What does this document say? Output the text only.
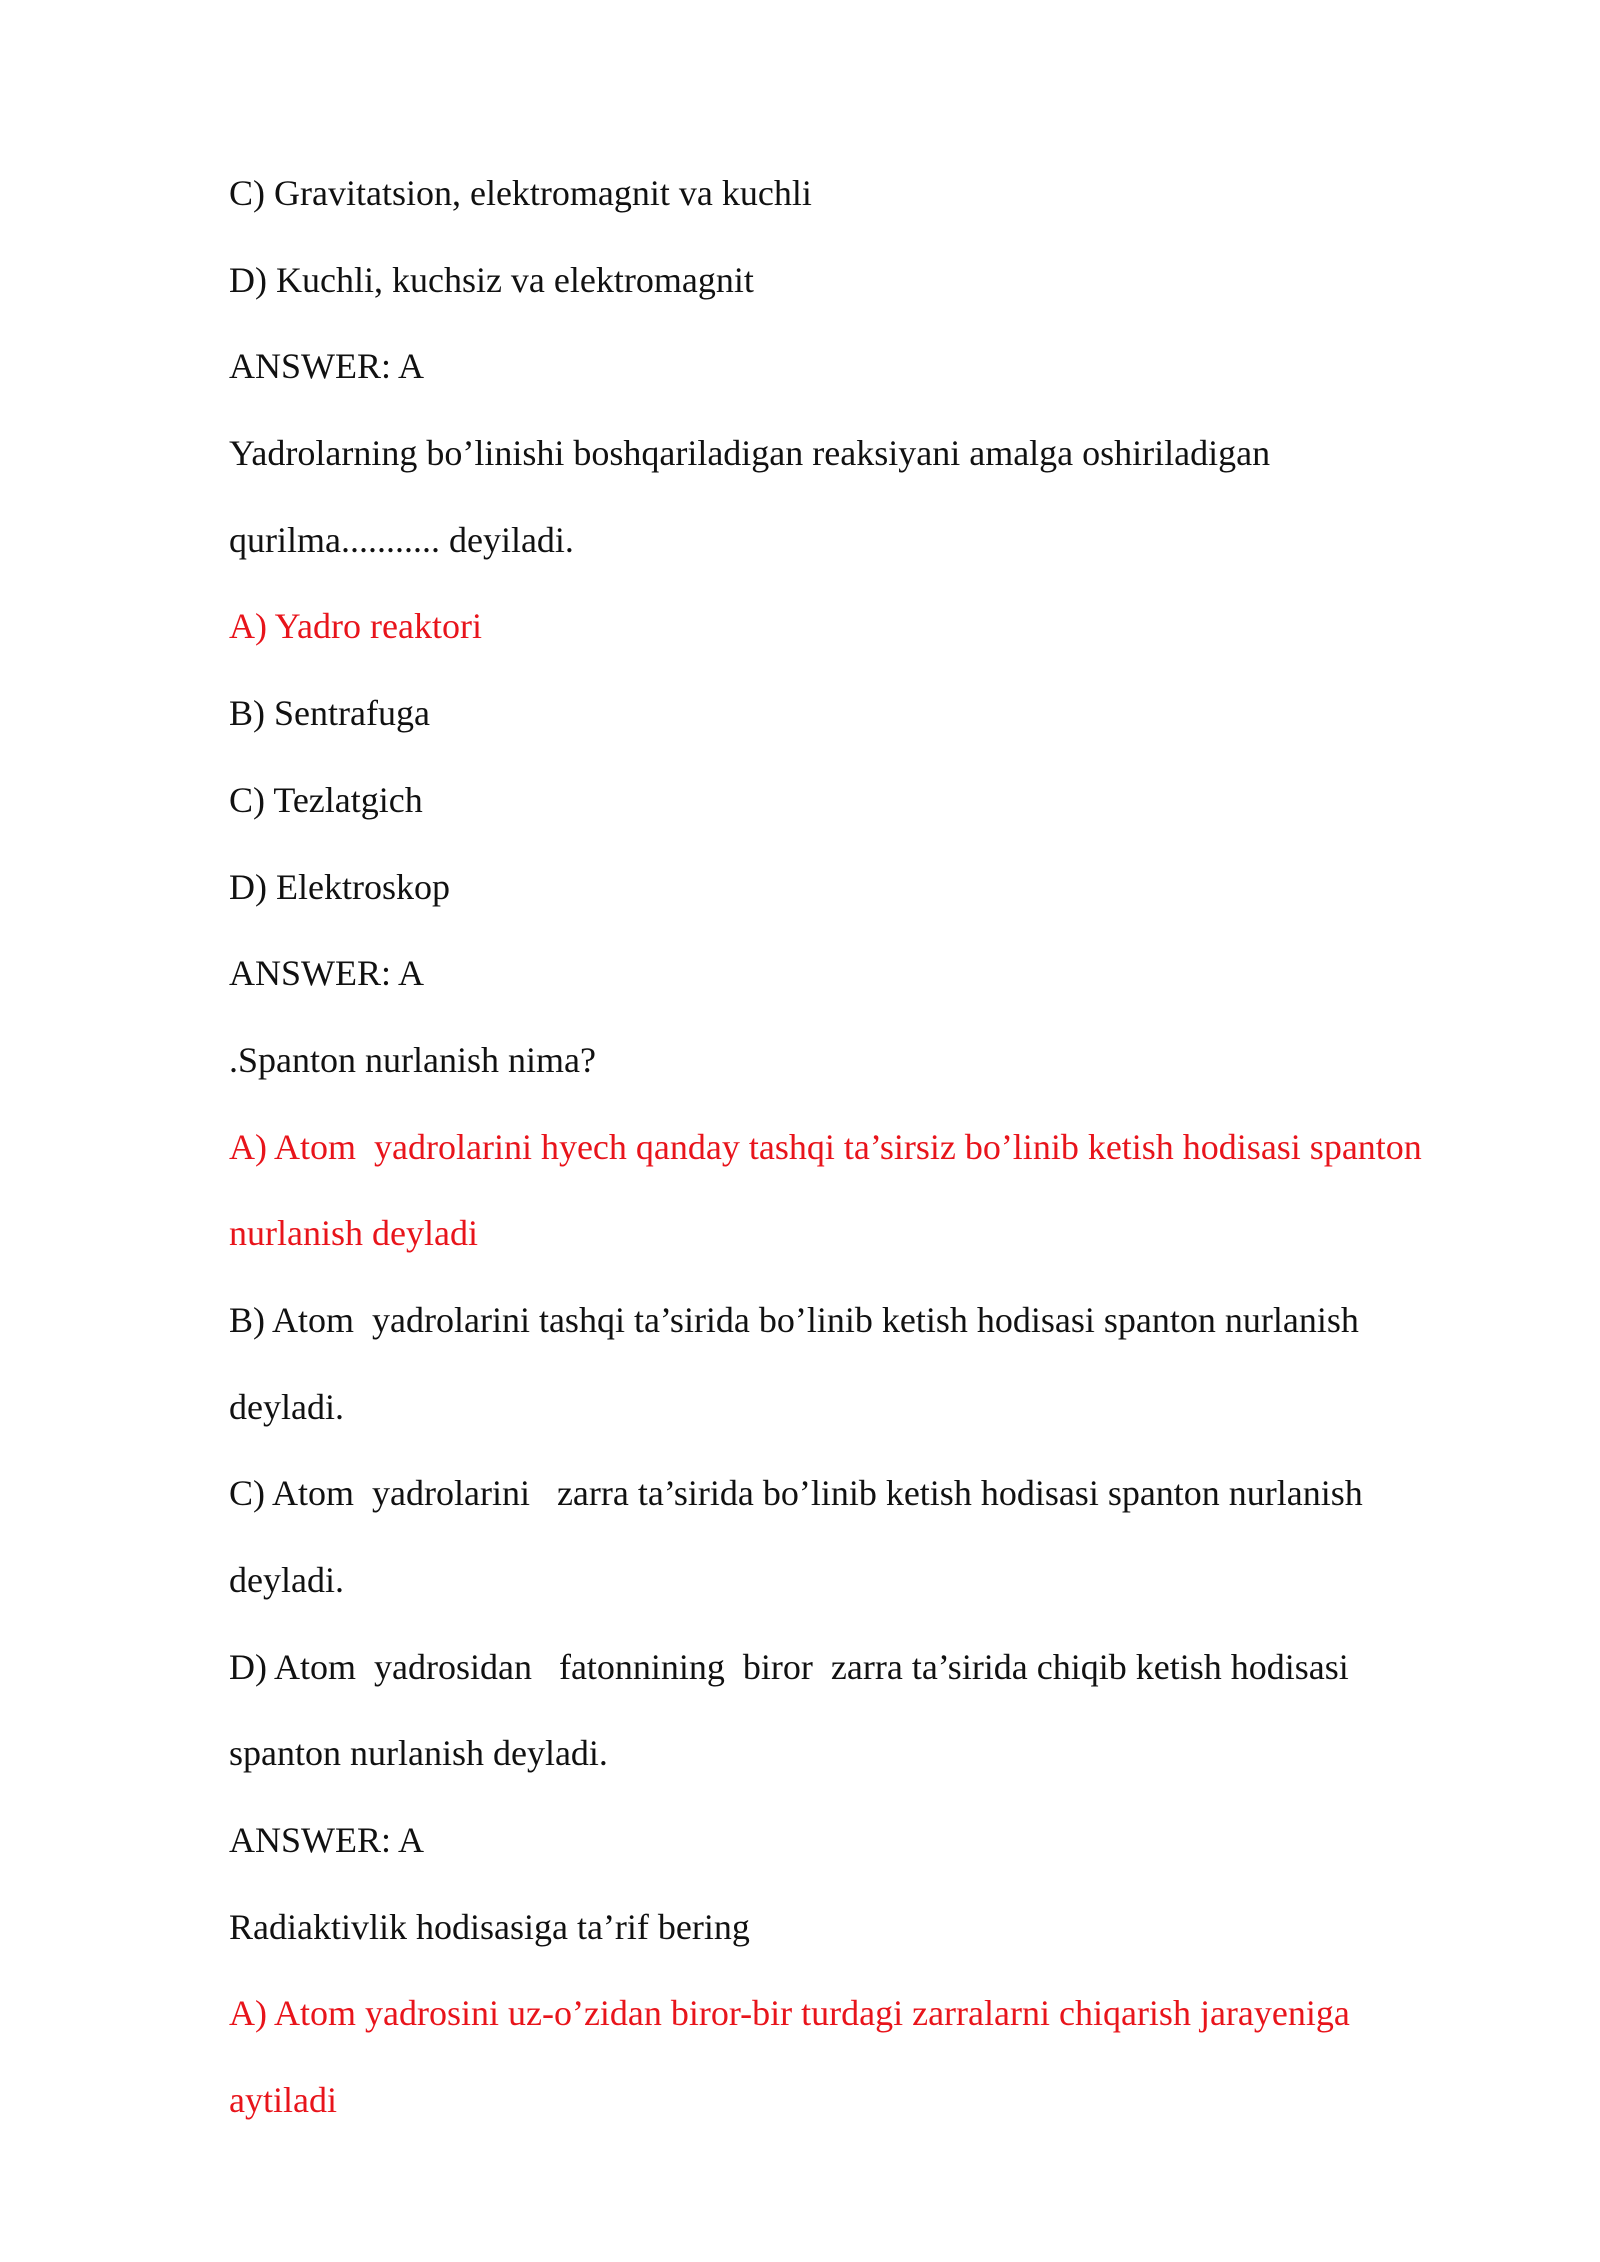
C) Gravitatsion, elektromagnit va kuchli
D) Kuchli, kuchsiz va elektromagnit
ANSWER: A
Yadrolarning bo’linishi boshqariladigan reaksiyani amalga oshiriladigan
qurilma........... deyiladi.
A) Yadro reaktori
B) Sentrafuga
C) Tezlatgich
D) Elektroskop
ANSWER: A
.Spanton nurlanish nima?
A) Atom  yadrolarini hyech qanday tashqi ta’sirsiz bo’linib ketish hodisasi spanton
nurlanish deyladi
B) Atom  yadrolarini tashqi ta’sirida bo’linib ketish hodisasi spanton nurlanish
deyladi.
C) Atom  yadrolarini   zarra ta’sirida bo’linib ketish hodisasi spanton nurlanish
deyladi.
D) Atom  yadrosidan   fatonnining  biror  zarra ta’sirida chiqib ketish hodisasi
spanton nurlanish deyladi.
ANSWER: A
Radiaktivlik hodisasiga ta’rif bering
A) Atom yadrosini uz-o’zidan biror-bir turdagi zarralarni chiqarish jarayeniga
aytiladi
